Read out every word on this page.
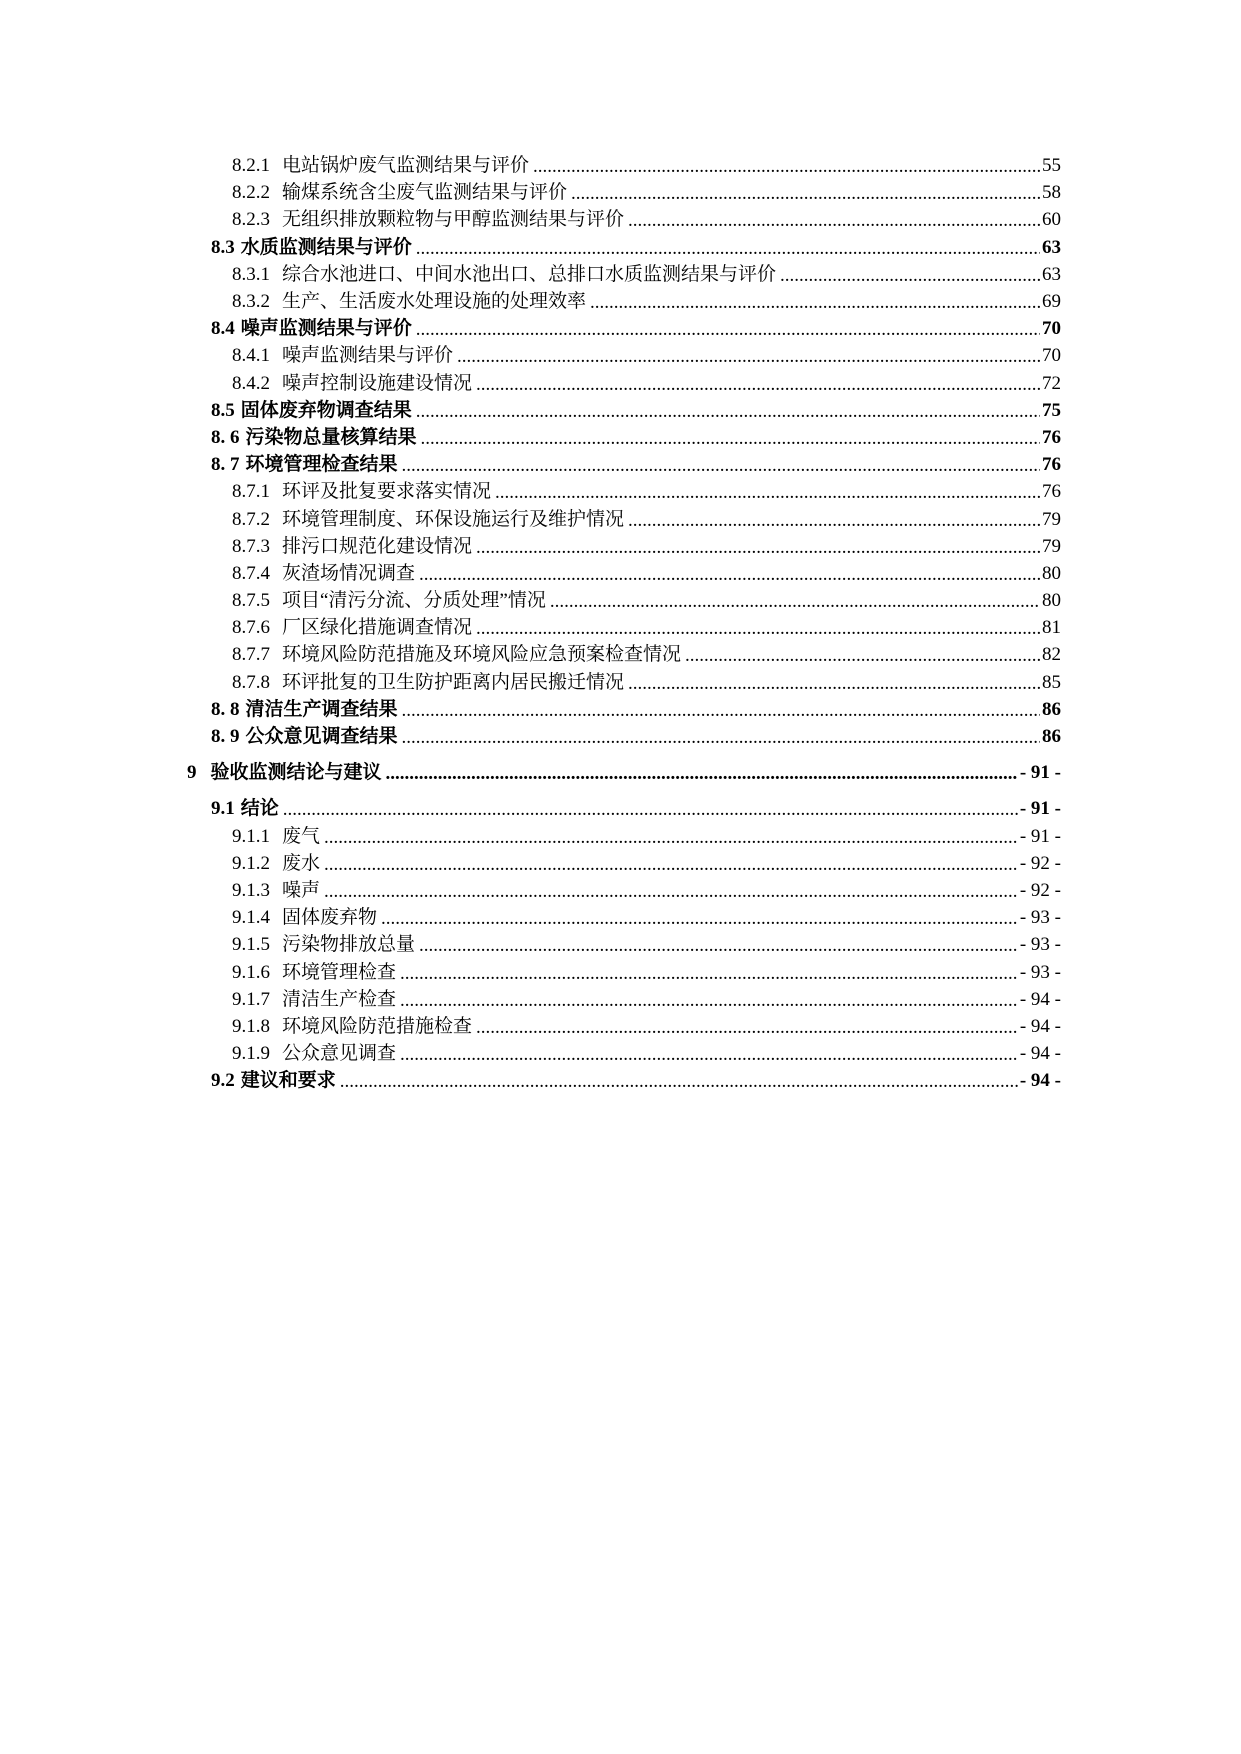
8.2.1 电站锅炉废气监测结果与评价 .....	55
8.2.2 输煤系统含尘废气监测结果与评价 .....	58
8.2.3 无组织排放颗粒物与甲醇监测结果与评价 .....	60
8.3 水质监测结果与评价 .....	63
8.3.1 综合水池进口、中间水池出口、总排口水质监测结果与评价 .....	63
8.3.2 生产、生活废水处理设施的处理效率 .....	69
8.4 噪声监测结果与评价 .....	70
8.4.1 噪声监测结果与评价 .....	70
8.4.2 噪声控制设施建设情况 .....	72
8.5 固体废弃物调查结果 .....	75
8. 6 污染物总量核算结果 .....	76
8. 7 环境管理检查结果 .....	76
8.7.1 环评及批复要求落实情况 .....	76
8.7.2 环境管理制度、环保设施运行及维护情况 .....	79
8.7.3 排污口规范化建设情况 .....	79
8.7.4 灰渣场情况调查 .....	80
8.7.5 项目“清污分流、分质处理”情况 .....	80
8.7.6 厂区绿化措施调查情况 .....	81
8.7.7 环境风险防范措施及环境风险应急预案检查情况 .....	82
8.7.8 环评批复的卫生防护距离内居民搬迁情况 .....	85
8. 8 清洁生产调查结果 .....	86
8. 9 公众意见调查结果 .....	86
9 验收监测结论与建议 .....	- 91 -
9.1 结论 .....	- 91 -
9.1.1 废气 .....	- 91 -
9.1.2 废水 .....	- 92 -
9.1.3 噪声 .....	- 92 -
9.1.4 固体废弃物 .....	- 93 -
9.1.5 污染物排放总量 .....	- 93 -
9.1.6 环境管理检查 .....	- 93 -
9.1.7 清洁生产检查 .....	- 94 -
9.1.8 环境风险防范措施检查 .....	- 94 -
9.1.9 公众意见调查 .....	- 94 -
9.2 建议和要求 .....	- 94 -
